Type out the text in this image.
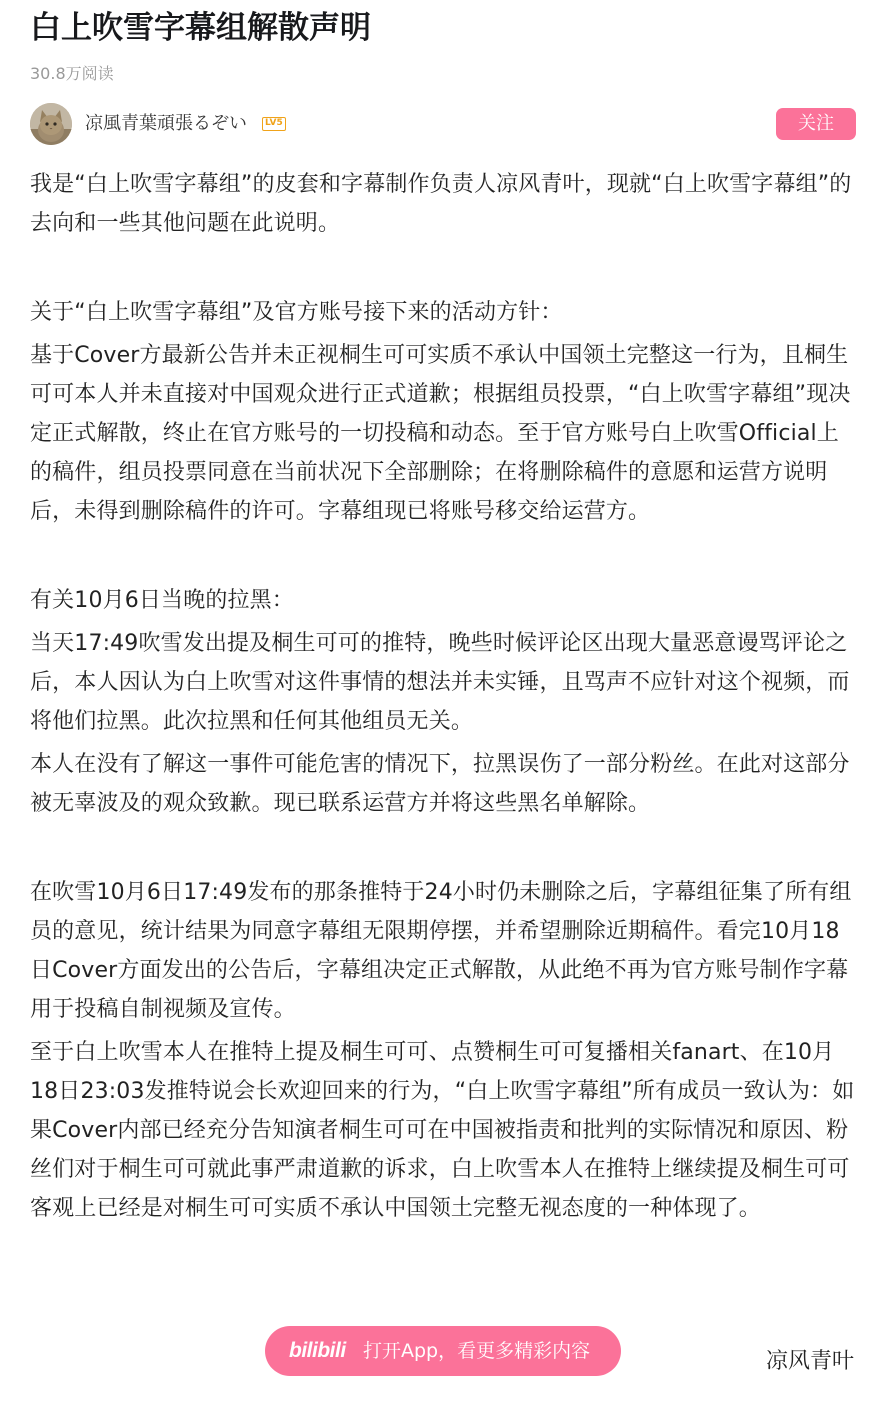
白上吹雪字幕组解散声明
30.8万阅读
凉風青葉頑張るぞい	LV5	关注

我是“白上吹雪字幕组”的皮套和字幕制作负责人凉风青叶，现就“白上吹雪字幕组”的去向和一些其他问题在此说明。

关于“白上吹雪字幕组”及官方账号接下来的活动方针：

基于Cover方最新公告并未正视桐生可可实质不承认中国领土完整这一行为，且桐生可可本人并未直接对中国观众进行正式道歉；根据组员投票，“白上吹雪字幕组”现决定正式解散，终止在官方账号的一切投稿和动态。至于官方账号白上吹雪Official上的稿件，组员投票同意在当前状况下全部删除；在将删除稿件的意愿和运营方说明后，未得到删除稿件的许可。字幕组现已将账号移交给运营方。

有关10月6日当晚的拉黑：

当天17:49吹雪发出提及桐生可可的推特，晚些时候评论区出现大量恶意谩骂评论之后，本人因认为白上吹雪对这件事情的想法并未实锤，且骂声不应针对这个视频，而将他们拉黑。此次拉黑和任何其他组员无关。

本人在没有了解这一事件可能危害的情况下，拉黑误伤了一部分粉丝。在此对这部分被无辜波及的观众致歉。现已联系运营方并将这些黑名单解除。

在吹雪10月6日17:49发布的那条推特于24小时仍未删除之后，字幕组征集了所有组员的意见，统计结果为同意字幕组无限期停摆，并希望删除近期稿件。看完10月18日Cover方面发出的公告后，字幕组决定正式解散，从此绝不再为官方账号制作字幕用于投稿自制视频及宣传。

至于白上吹雪本人在推特上提及桐生可可、点赞桐生可可复播相关fanart、在10月18日23:03发推特说会长欢迎回来的行为，“白上吹雪字幕组”所有成员一致认为：如果Cover内部已经充分告知演者桐生可可在中国被指责和批判的实际情况和原因、粉丝们对于桐生可可就此事严肃道歉的诉求，白上吹雪本人在推特上继续提及桐生可可客观上已经是对桐生可可实质不承认中国领土完整无视态度的一种体现了。

bilibili 打开App，看更多精彩内容	凉风青叶
